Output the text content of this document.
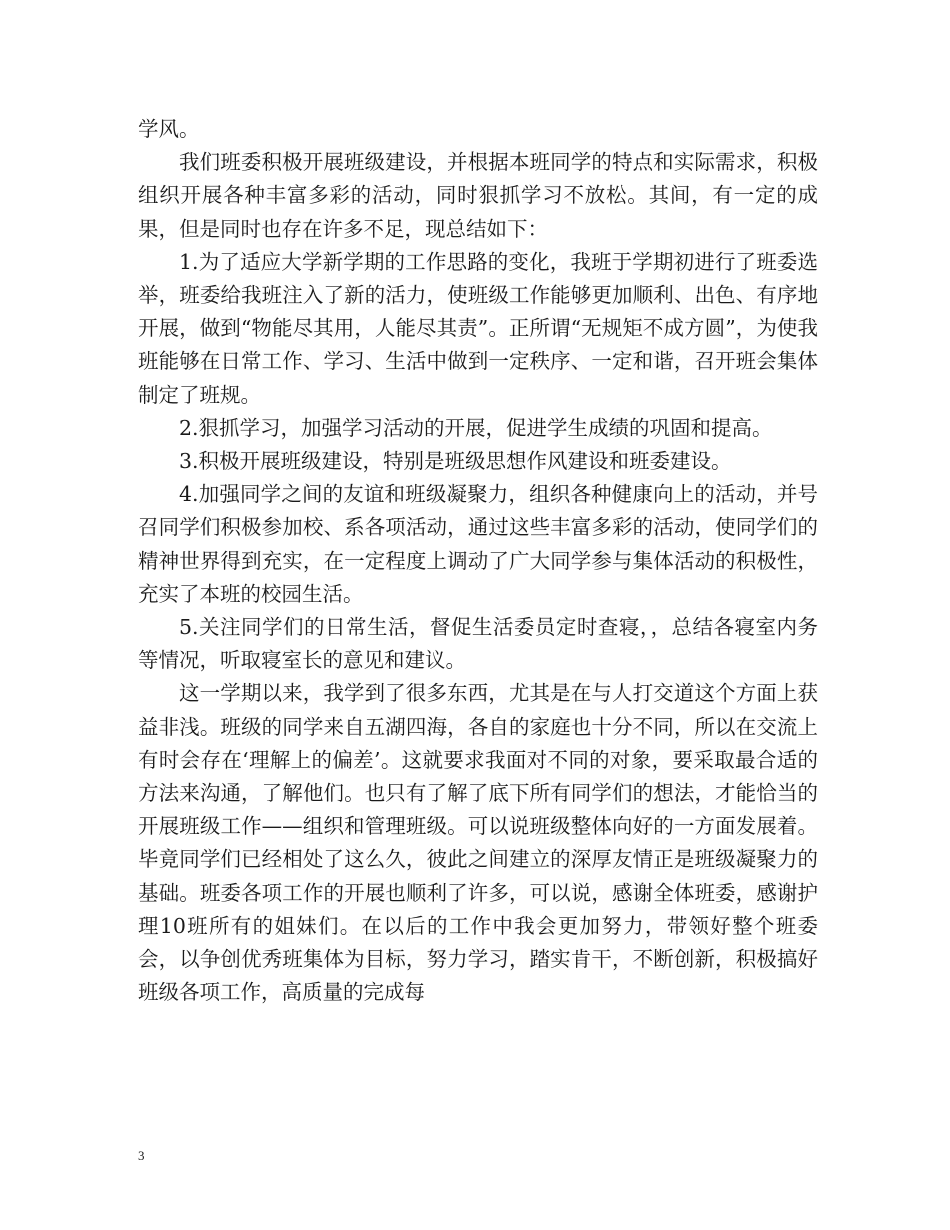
学风。

我们班委积极开展班级建设，并根据本班同学的特点和实际需求，积极组织开展各种丰富多彩的活动，同时狠抓学习不放松。其间，有一定的成果，但是同时也存在许多不足，现总结如下：

1.为了适应大学新学期的工作思路的变化，我班于学期初进行了班委选举，班委给我班注入了新的活力，使班级工作能够更加顺利、出色、有序地开展，做到“物能尽其用，人能尽其责”。正所谓“无规矩不成方圆”，为使我班能够在日常工作、学习、生活中做到一定秩序、一定和谐，召开班会集体制定了班规。

2.狠抓学习，加强学习活动的开展，促进学生成绩的巩固和提高。

3.积极开展班级建设，特别是班级思想作风建设和班委建设。

4.加强同学之间的友谊和班级凝聚力，组织各种健康向上的活动，并号召同学们积极参加校、系各项活动，通过这些丰富多彩的活动，使同学们的精神世界得到充实，在一定程度上调动了广大同学参与集体活动的积极性，充实了本班的校园生活。

5.关注同学们的日常生活，督促生活委员定时查寝，，总结各寝室内务等情况，听取寝室长的意见和建议。

这一学期以来，我学到了很多东西，尤其是在与人打交道这个方面上获益非浅。班级的同学来自五湖四海，各自的家庭也十分不同，所以在交流上有时会存在‘理解上的偏差’。这就要求我面对不同的对象，要采取最合适的方法来沟通，了解他们。也只有了解了底下所有同学们的想法，才能恰当的开展班级工作——组织和管理班级。可以说班级整体向好的一方面发展着。毕竟同学们已经相处了这么久，彼此之间建立的深厚友情正是班级凝聚力的基础。班委各项工作的开展也顺利了许多，可以说，感谢全体班委，感谢护理10班所有的姐妹们。在以后的工作中我会更加努力，带领好整个班委会，以争创优秀班集体为目标，努力学习，踏实肯干，不断创新，积极搞好班级各项工作，高质量的完成每

3
